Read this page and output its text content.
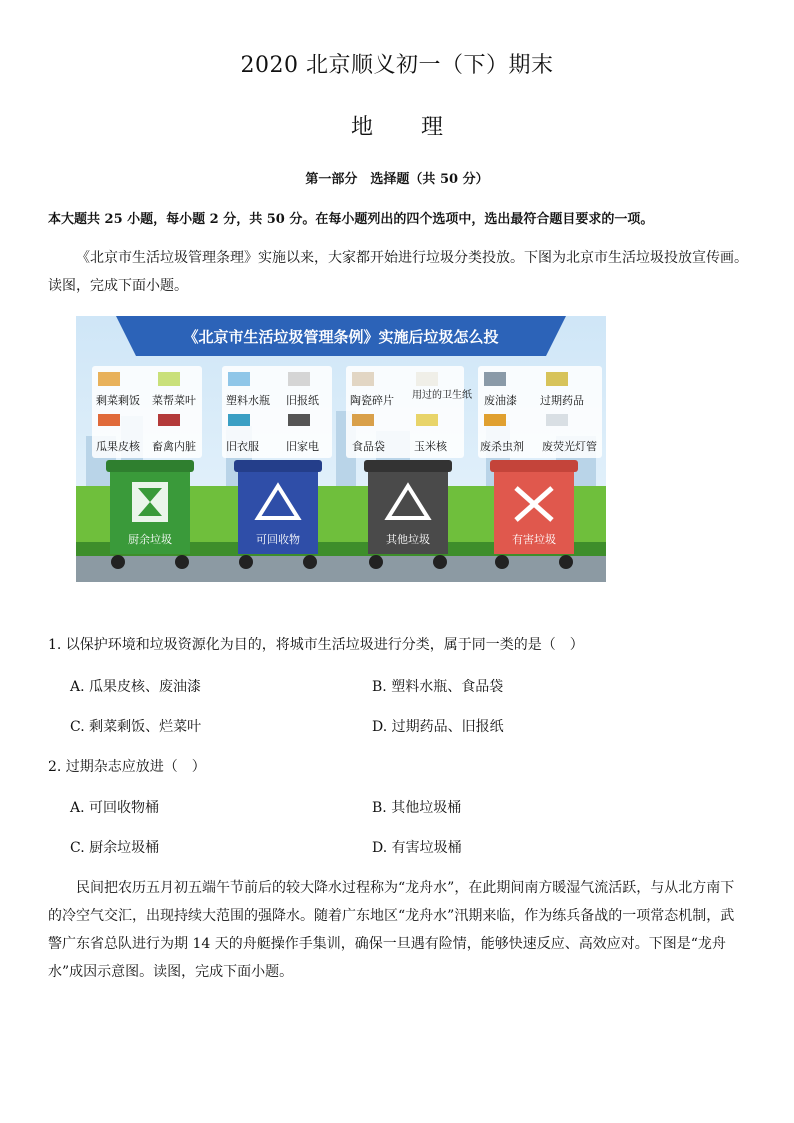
2020 北京顺义初一（下）期末
地 理
第一部分　选择题（共 50 分）
本大题共 25 小题，每小题 2 分，共 50 分。在每小题列出的四个选项中，选出最符合题目要求的一项。

《北京市生活垃圾管理条理》实施以来，大家都开始进行垃圾分类投放。下图为北京市生活垃圾投放宣传画。读图，完成下面小题。

《北京市生活垃圾管理条例》实施后垃圾怎么投
剩菜剩饭 菜帮菜叶
瓜果皮核 畜禽内脏
塑料水瓶 旧报纸
旧衣服 旧家电
陶瓷碎片 用过的卫生纸
食品袋	玉米核
废油漆 过期药品
废杀虫剂 废荧光灯管
厨余垃圾	可回收物	其他垃圾	有害垃圾
1. 以保护环境和垃圾资源化为目的，将城市生活垃圾进行分类，属于同一类的是（　）
A. 瓜果皮核、废油漆	B. 塑料水瓶、食品袋
C. 剩菜剩饭、烂菜叶	D. 过期药品、旧报纸
2. 过期杂志应放进（　）
A. 可回收物桶	B. 其他垃圾桶
C. 厨余垃圾桶	D. 有害垃圾桶

民间把农历五月初五端午节前后的较大降水过程称为“龙舟水”，在此期间南方暖湿气流活跃，与从北方南下的冷空气交汇，出现持续大范围的强降水。随着广东地区“龙舟水”汛期来临，作为练兵备战的一项常态机制，武警广东省总队进行为期 14 天的舟艇操作手集训，确保一旦遇有险情，能够快速反应、高效应对。下图是“龙舟水”成因示意图。读图，完成下面小题。
